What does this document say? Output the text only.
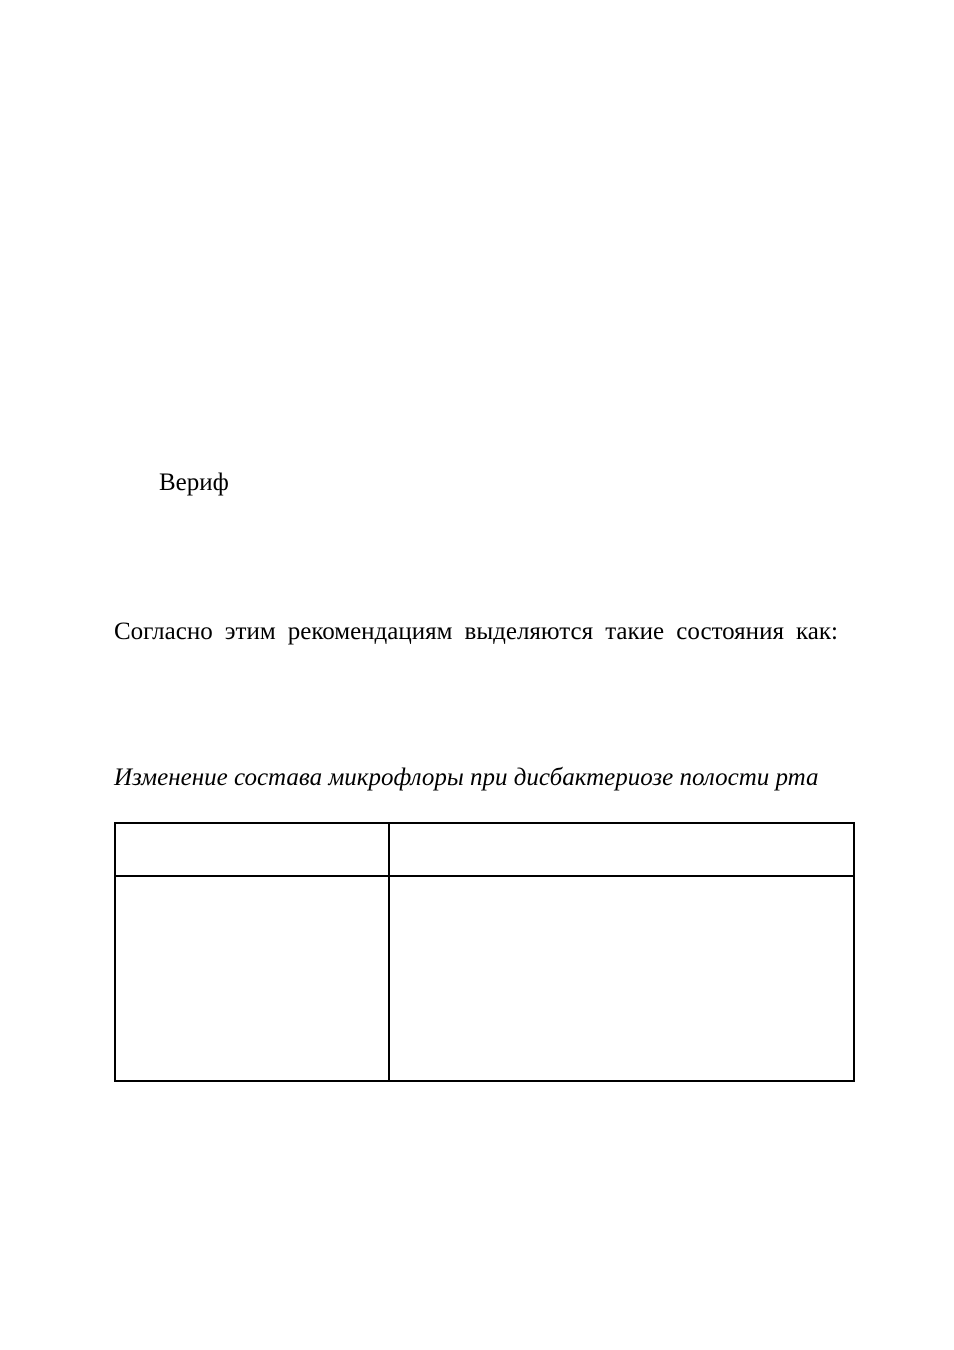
Вериф
Согласно этим рекомендациям выделяются такие состояния как:
Изменение состава микрофлоры при дисбактериозе полости рта
